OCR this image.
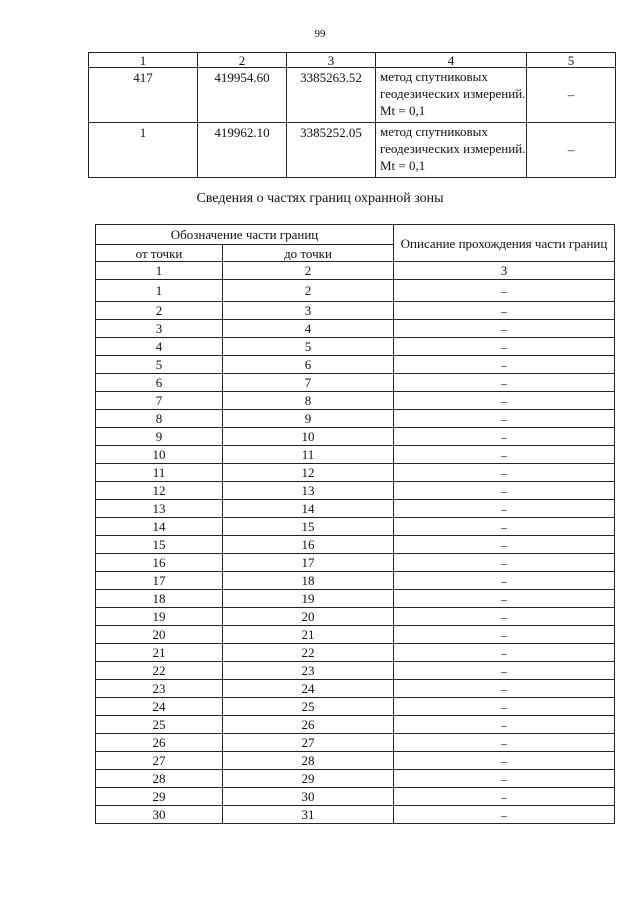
99
1	2	3	4	5
417	419954.60	3385263.52	метод спутниковых геодезических измерений. Mt = 0,1	–
1	419962.10	3385252.05	метод спутниковых геодезических измерений. Mt = 0,1	–
Сведения о частях границ охранной зоны
Обозначение части границ		Описание прохождения части границ
от точки	до точки	
1	2	3
1	2	–
2	3	–
3	4	–
4	5	–
5	6	–
6	7	–
7	8	–
8	9	–
9	10	–
10	11	–
11	12	–
12	13	–
13	14	–
14	15	–
15	16	–
16	17	–
17	18	–
18	19	–
19	20	–
20	21	–
21	22	–
22	23	–
23	24	–
24	25	–
25	26	–
26	27	–
27	28	–
28	29	–
29	30	–
30	31	–
